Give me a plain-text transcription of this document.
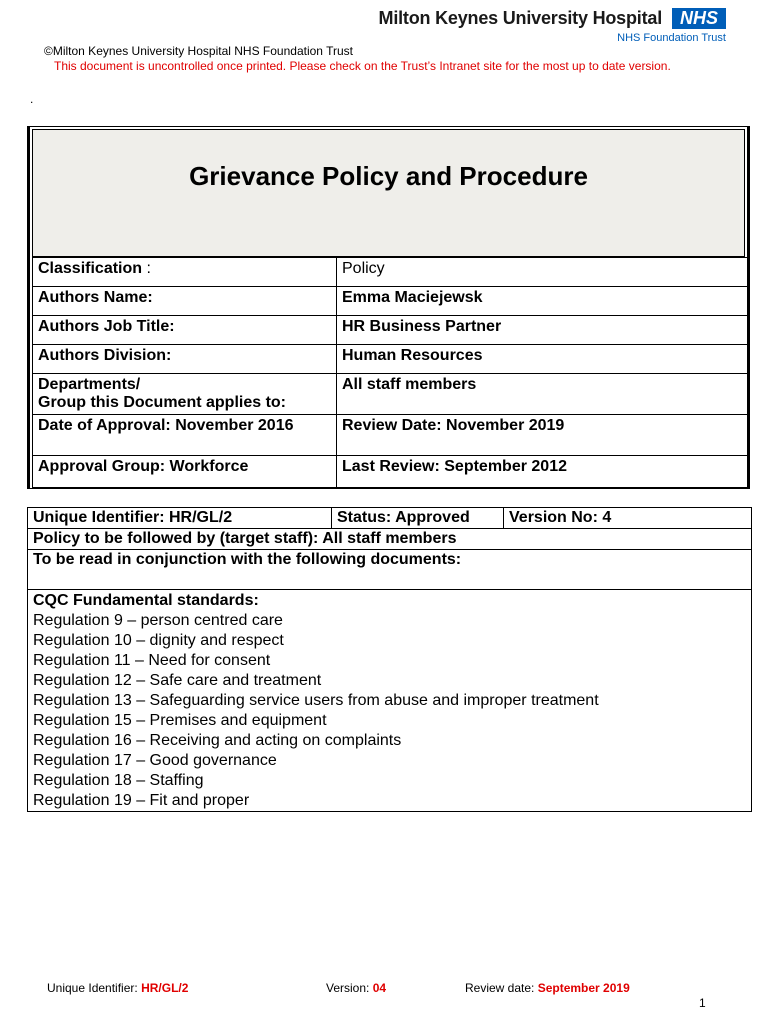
Milton Keynes University Hospital NHS
NHS Foundation Trust
©Milton Keynes University Hospital NHS Foundation Trust
This document is uncontrolled once printed. Please check on the Trust’s Intranet site for the most up to date version.
.
Grievance Policy and Procedure
Classification :	Policy
Authors Name:	Emma Maciejewsk
Authors Job Title:	HR Business Partner
Authors Division:	Human Resources

Departments/
Group this Document applies to:	All staff members
Date of Approval: November 2016	Review Date: November 2019
Approval Group: Workforce	Last Review: September 2012
Unique Identifier: HR/GL/2	Status: Approved	Version No: 4
Policy to be followed by (target staff): All staff members
To be read in conjunction with the following documents:

CQC Fundamental standards:
Regulation 9 – person centred care
Regulation 10 – dignity and respect
Regulation 11 – Need for consent
Regulation 12 – Safe care and treatment
Regulation 13 – Safeguarding service users from abuse and improper treatment
Regulation 15 – Premises and equipment
Regulation 16 – Receiving and acting on complaints
Regulation 17 – Good governance
Regulation 18 – Staffing
Regulation 19 – Fit and proper
Unique Identifier: HR/GL/2	Version: 04	Review date: September 2019
1
